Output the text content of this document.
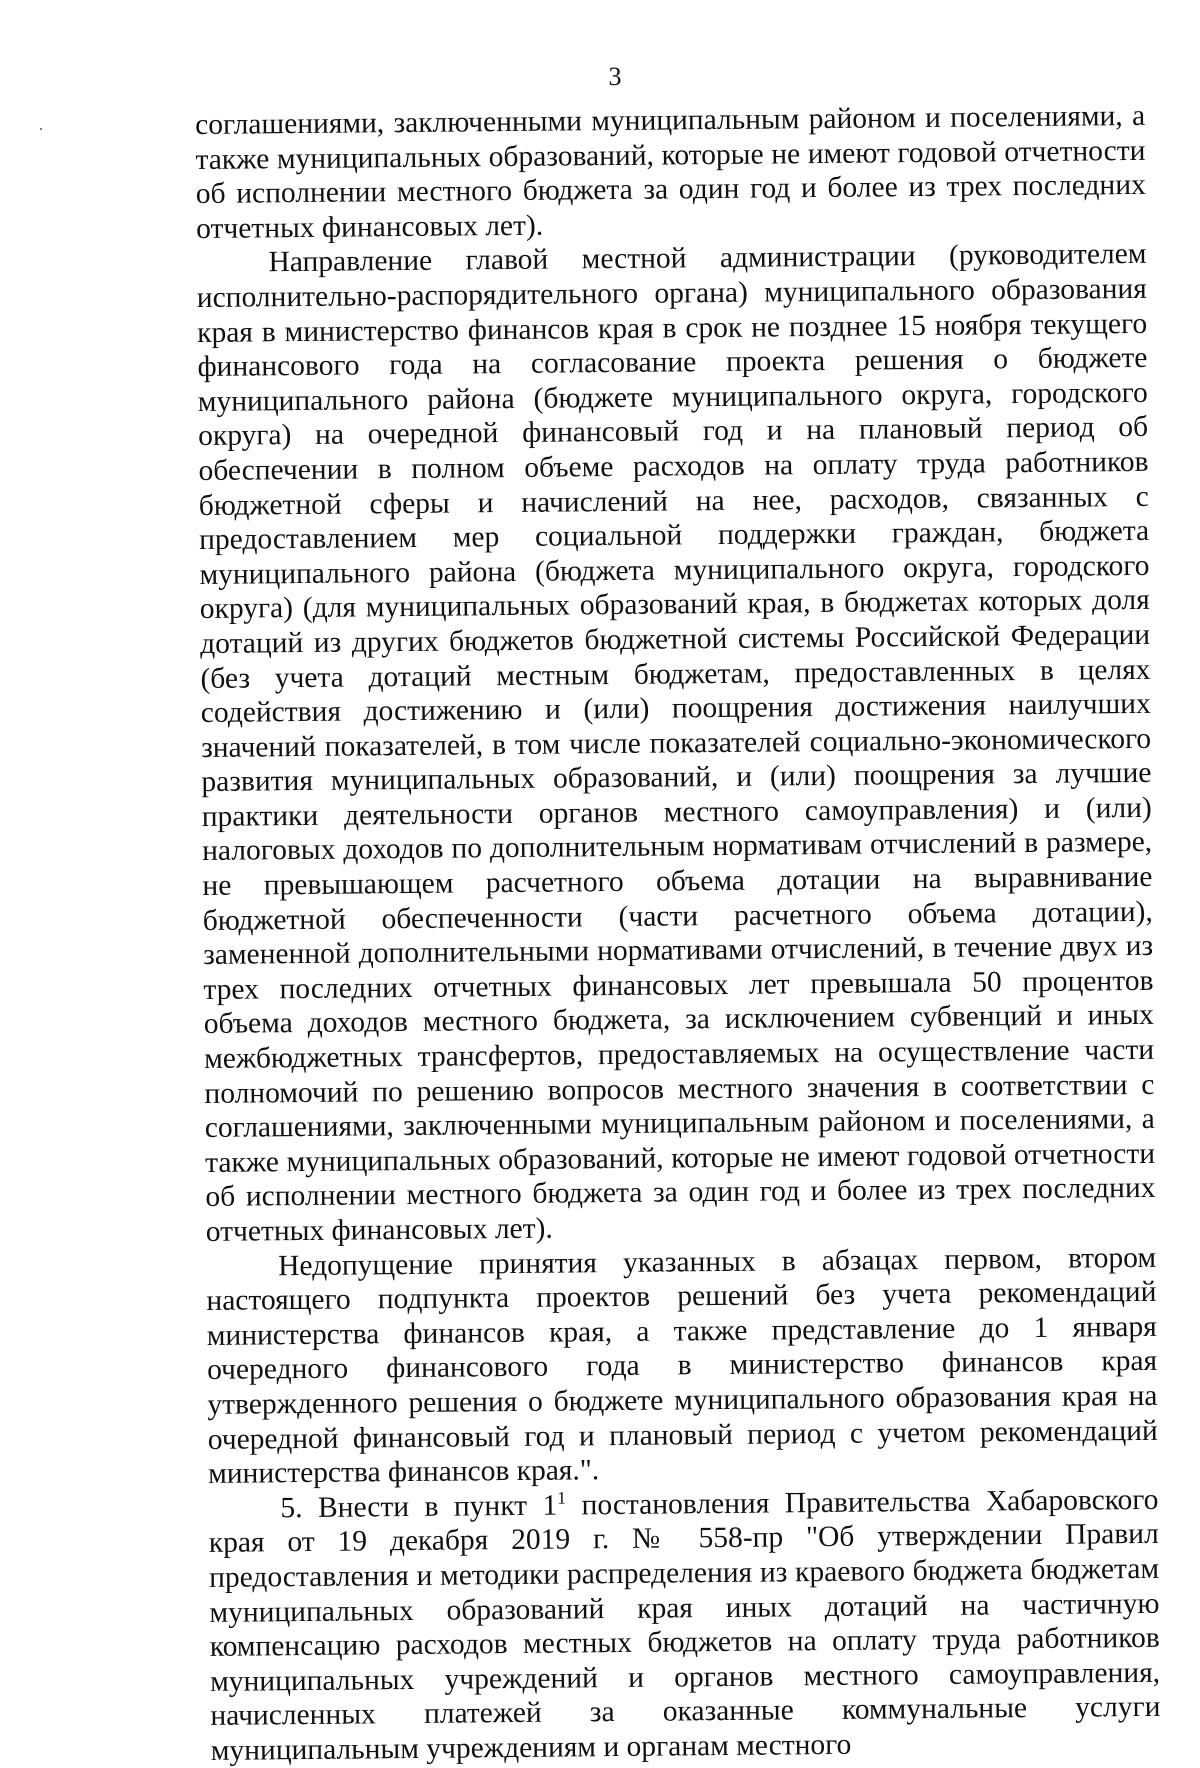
3

соглашениями, заключенными муниципальным районом и поселениями, а также муниципальных образований, которые не имеют годовой отчетности об исполнении местного бюджета за один год и более из трех последних отчетных финансовых лет).

Направление главой местной администрации (руководителем исполнительно-распорядительного органа) муниципального образования края в министерство финансов края в срок не позднее 15 ноября текущего финансового года на согласование проекта решения о бюджете муниципального района (бюджете муниципального округа, городского округа) на очередной финансовый год и на плановый период об обеспечении в полном объеме расходов на оплату труда работников бюджетной сферы и начислений на нее, расходов, связанных с предоставлением мер социальной поддержки граждан, бюджета муниципального района (бюджета муниципального округа, городского округа) (для муниципальных образований края, в бюджетах которых доля дотаций из других бюджетов бюджетной системы Российской Федерации (без учета дотаций местным бюджетам, предоставленных в целях содействия достижению и (или) поощрения достижения наилучших значений показателей, в том числе показателей социально-экономического развития муниципальных образований, и (или) поощрения за лучшие практики деятельности органов местного самоуправления) и (или) налоговых доходов по дополнительным нормативам отчислений в размере, не превышающем расчетного объема дотации на выравнивание бюджетной обеспеченности (части расчетного объема дотации), замененной дополнительными нормативами отчислений, в течение двух из трех последних отчетных финансовых лет превышала 50 процентов объема доходов местного бюджета, за исключением субвенций и иных межбюджетных трансфертов, предоставляемых на осуществление части полномочий по решению вопросов местного значения в соответствии с соглашениями, заключенными муниципальным районом и поселениями, а также муниципальных образований, которые не имеют годовой отчетности об исполнении местного бюджета за один год и более из трех последних отчетных финансовых лет).

Недопущение принятия указанных в абзацах первом, втором настоящего подпункта проектов решений без учета рекомендаций министерства финансов края, а также представление до 1 января очередного финансового года в министерство финансов края утвержденного решения о бюджете муниципального образования края на очередной финансовый год и плановый период с учетом рекомендаций министерства финансов края.".

5. Внести в пункт $1^1$ постановления Правительства Хабаровского края от 19 декабря 2019 г. № 558-пр "Об утверждении Правил предоставления и методики распределения из краевого бюджета бюджетам муниципальных образований края иных дотаций на частичную компенсацию расходов местных бюджетов на оплату труда работников муниципальных учреждений и органов местного самоуправления, начисленных платежей за оказанные коммунальные услуги муниципальным учреждениям и органам местного
